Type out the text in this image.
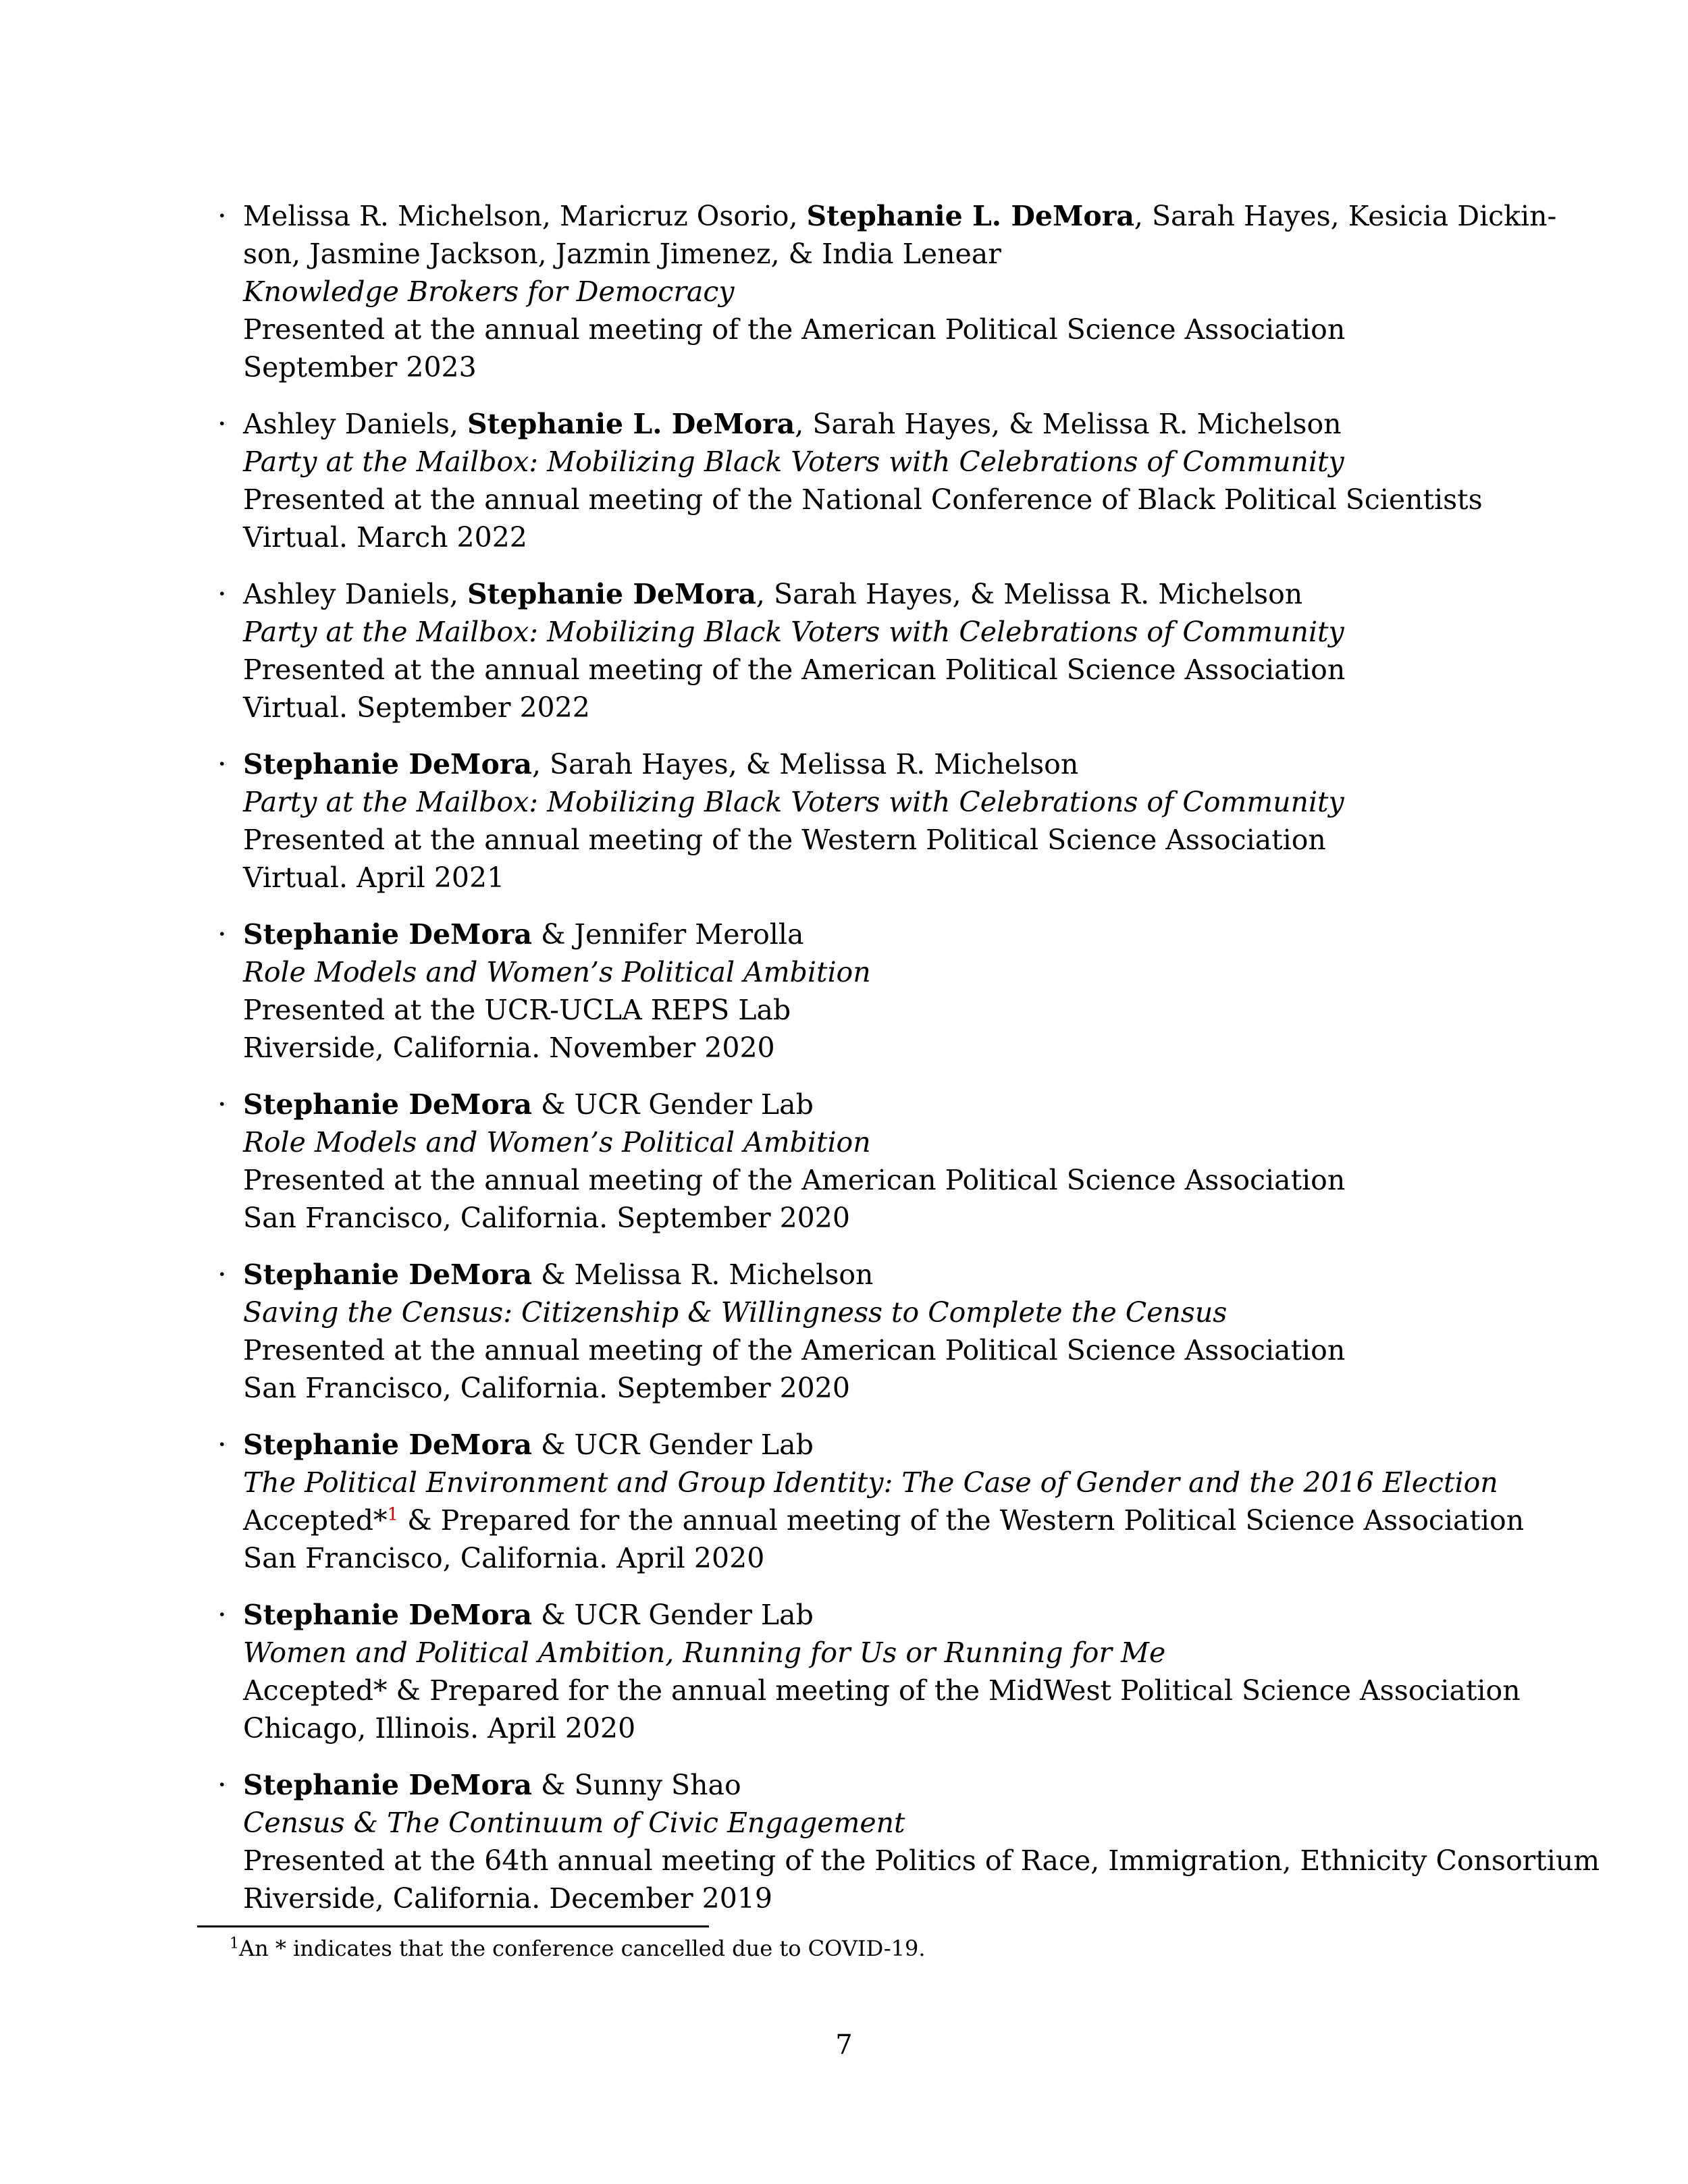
· Melissa R. Michelson, Maricruz Osorio, Stephanie L. DeMora, Sarah Hayes, Kesicia Dickin-
son, Jasmine Jackson, Jazmin Jimenez, & India Lenear
Knowledge Brokers for Democracy
Presented at the annual meeting of the American Political Science Association
September 2023
· Ashley Daniels, Stephanie L. DeMora, Sarah Hayes, & Melissa R. Michelson
Party at the Mailbox: Mobilizing Black Voters with Celebrations of Community
Presented at the annual meeting of the National Conference of Black Political Scientists
Virtual. March 2022
· Ashley Daniels, Stephanie DeMora, Sarah Hayes, & Melissa R. Michelson
Party at the Mailbox: Mobilizing Black Voters with Celebrations of Community
Presented at the annual meeting of the American Political Science Association
Virtual. September 2022
· Stephanie DeMora, Sarah Hayes, & Melissa R. Michelson
Party at the Mailbox: Mobilizing Black Voters with Celebrations of Community
Presented at the annual meeting of the Western Political Science Association
Virtual. April 2021
· Stephanie DeMora & Jennifer Merolla
Role Models and Women’s Political Ambition
Presented at the UCR-UCLA REPS Lab
Riverside, California. November 2020
· Stephanie DeMora & UCR Gender Lab
Role Models and Women’s Political Ambition
Presented at the annual meeting of the American Political Science Association
San Francisco, California. September 2020
· Stephanie DeMora & Melissa R. Michelson
Saving the Census: Citizenship & Willingness to Complete the Census
Presented at the annual meeting of the American Political Science Association
San Francisco, California. September 2020
· Stephanie DeMora & UCR Gender Lab
The Political Environment and Group Identity: The Case of Gender and the 2016 Election
Accepted*$^1$ & Prepared for the annual meeting of the Western Political Science Association
San Francisco, California. April 2020
· Stephanie DeMora & UCR Gender Lab
Women and Political Ambition, Running for Us or Running for Me
Accepted* & Prepared for the annual meeting of the MidWest Political Science Association
Chicago, Illinois. April 2020
· Stephanie DeMora & Sunny Shao
Census & The Continuum of Civic Engagement
Presented at the 64th annual meeting of the Politics of Race, Immigration, Ethnicity Consortium
Riverside, California. December 2019
$^1$An * indicates that the conference cancelled due to COVID-19.
7
